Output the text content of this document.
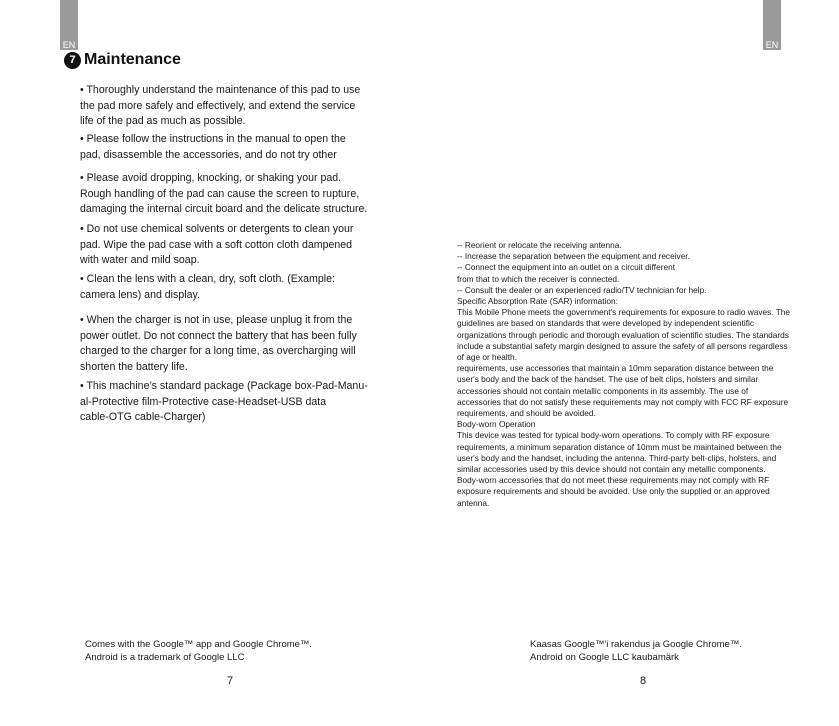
EN
7 Maintenance

• Thoroughly understand the maintenance of this pad to use
the pad more safely and effectively, and extend the service
life of the pad as much as possible.

• Please follow the instructions in the manual to open the
pad, disassemble the accessories, and do not try other

• Please avoid dropping, knocking, or shaking your pad.
Rough handling of the pad can cause the screen to rupture,
damaging the internal circuit board and the delicate structure.

• Do not use chemical solvents or detergents to clean your
pad. Wipe the pad case with a soft cotton cloth dampened
with water and mild soap.

• Clean the lens with a clean, dry, soft cloth. (Example:
camera lens) and display.

• When the charger is not in use, please unplug it from the
power outlet. Do not connect the battery that has been fully
charged to the charger for a long time, as overcharging will
shorten the battery life.

• This machine’s standard package (Package box-Pad-Manu-
al-Protective film-Protective case-Headset-USB data
cable-OTG cable-Charger)

Comes with the Google™ app and Google Chrome™.
Android is a trademark of Google LLC
7
EN
-- Reorient or relocate the receiving antenna.
-- Increase the separation between the equipment and receiver.
-- Connect the equipment into an outlet on a circuit different
from that to which the receiver is connected.
-- Consult the dealer or an experienced radio/TV technician for help.
Specific Absorption Rate (SAR) information:
This Mobile Phone meets the government's requirements for exposure to radio waves. The
guidelines are based on standards that were developed by independent scientific
organizations through periodic and thorough evaluation of scientific studies. The standards
include a substantial safety margin designed to assure the safety of all persons regardless
of age or health.
requirements, use accessories that maintain a 10mm separation distance between the
user's body and the back of the handset. The use of belt clips, holsters and similar
accessories should not contain metallic components in its assembly. The use of
accessories that do not satisfy these requirements may not comply with FCC RF exposure
requirements, and should be avoided.
Body-worn Operation
This device was tested for typical body-worn operations. To comply with RF exposure
requirements, a minimum separation distance of 10mm must be maintained between the
user's body and the handset, including the antenna. Third-party belt-clips, holsters, and
similar accessories used by this device should not contain any metallic components.
Body-worn accessories that do not meet these requirements may not comply with RF
exposure requirements and should be avoided. Use only the supplied or an approved
antenna.
Kaasas Google™'i rakendus ja Google Chrome™.
Android on Google LLC kaubamärk
8
